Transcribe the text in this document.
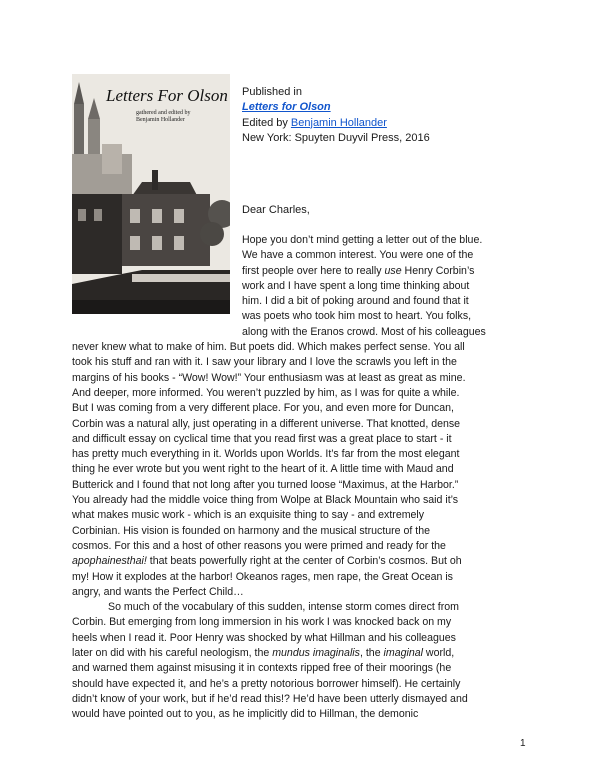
Letters For Olson
gathered and edited by
Benjamin Hollander
Published in
Letters for Olson
Edited by Benjamin Hollander
New York: Spuyten Duyvil Press, 2016
Dear Charles,
Hope you don’t mind getting a letter out of the blue.
We have a common interest. You were one of the
first people over here to really use Henry Corbin’s
work and I have spent a long time thinking about
him. I did a bit of poking around and found that it
was poets who took him most to heart. You folks,
along with the Eranos crowd. Most of his colleagues
never knew what to make of him. But poets did. Which makes perfect sense. You all
took his stuff and ran with it. I saw your library and I love the scrawls you left in the
margins of his books - “Wow! Wow!” Your enthusiasm was at least as great as mine.
And deeper, more informed. You weren’t puzzled by him, as I was for quite a while.
But I was coming from a very different place. For you, and even more for Duncan,
Corbin was a natural ally, just operating in a different universe. That knotted, dense
and difficult essay on cyclical time that you read first was a great place to start - it
has pretty much everything in it. Worlds upon Worlds. It’s far from the most elegant
thing he ever wrote but you went right to the heart of it. A little time with Maud and
Butterick and I found that not long after you turned loose “Maximus, at the Harbor.”
You already had the middle voice thing from Wolpe at Black Mountain who said it’s
what makes music work - which is an exquisite thing to say - and extremely
Corbinian. His vision is founded on harmony and the musical structure of the
cosmos. For this and a host of other reasons you were primed and ready for the
apophainesthai! that beats powerfully right at the center of Corbin’s cosmos. But oh
my! How it explodes at the harbor! Okeanos rages, men rape, the Great Ocean is
angry, and wants the Perfect Child…
So much of the vocabulary of this sudden, intense storm comes direct from
Corbin. But emerging from long immersion in his work I was knocked back on my
heels when I read it. Poor Henry was shocked by what Hillman and his colleagues
later on did with his careful neologism, the mundus imaginalis, the imaginal world,
and warned them against misusing it in contexts ripped free of their moorings (he
should have expected it, and he’s a pretty notorious borrower himself). He certainly
didn’t know of your work, but if he’d read this!? He’d have been utterly dismayed and
would have pointed out to you, as he implicitly did to Hillman, the demonic
1
